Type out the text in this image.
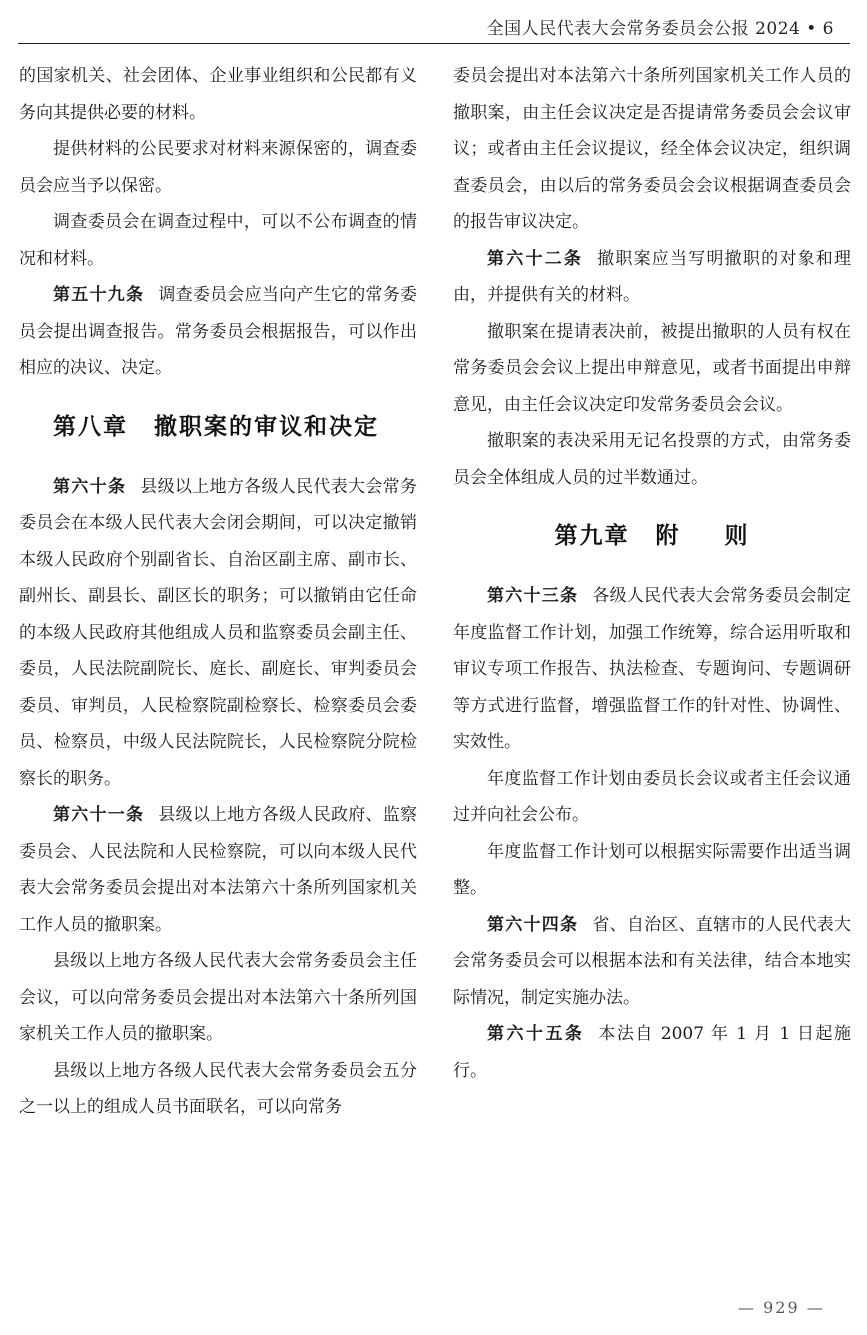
全国人民代表大会常务委员会公报 2024 • 6

的国家机关、社会团体、企业事业组织和公民都有义务向其提供必要的材料。

提供材料的公民要求对材料来源保密的，调查委员会应当予以保密。

调查委员会在调查过程中，可以不公布调查的情况和材料。

第五十九条 调查委员会应当向产生它的常务委员会提出调查报告。常务委员会根据报告，可以作出相应的决议、决定。

第八章 撤职案的审议和决定

第六十条 县级以上地方各级人民代表大会常务委员会在本级人民代表大会闭会期间，可以决定撤销本级人民政府个别副省长、自治区副主席、副市长、副州长、副县长、副区长的职务；可以撤销由它任命的本级人民政府其他组成人员和监察委员会副主任、委员，人民法院副院长、庭长、副庭长、审判委员会委员、审判员，人民检察院副检察长、检察委员会委员、检察员，中级人民法院院长，人民检察院分院检察长的职务。

第六十一条 县级以上地方各级人民政府、监察委员会、人民法院和人民检察院，可以向本级人民代表大会常务委员会提出对本法第六十条所列国家机关工作人员的撤职案。

县级以上地方各级人民代表大会常务委员会主任会议，可以向常务委员会提出对本法第六十条所列国家机关工作人员的撤职案。

县级以上地方各级人民代表大会常务委员会五分之一以上的组成人员书面联名，可以向常务

委员会提出对本法第六十条所列国家机关工作人员的撤职案，由主任会议决定是否提请常务委员会会议审议；或者由主任会议提议，经全体会议决定，组织调查委员会，由以后的常务委员会会议根据调查委员会的报告审议决定。

第六十二条 撤职案应当写明撤职的对象和理由，并提供有关的材料。

撤职案在提请表决前，被提出撤职的人员有权在常务委员会会议上提出申辩意见，或者书面提出申辩意见，由主任会议决定印发常务委员会会议。

撤职案的表决采用无记名投票的方式，由常务委员会全体组成人员的过半数通过。

第九章 附 则

第六十三条 各级人民代表大会常务委员会制定年度监督工作计划，加强工作统筹，综合运用听取和审议专项工作报告、执法检查、专题询问、专题调研等方式进行监督，增强监督工作的针对性、协调性、实效性。

年度监督工作计划由委员长会议或者主任会议通过并向社会公布。

年度监督工作计划可以根据实际需要作出适当调整。

第六十四条 省、自治区、直辖市的人民代表大会常务委员会可以根据本法和有关法律，结合本地实际情况，制定实施办法。

第六十五条 本法自 2007 年 1 月 1 日起施行。

— 929 —
